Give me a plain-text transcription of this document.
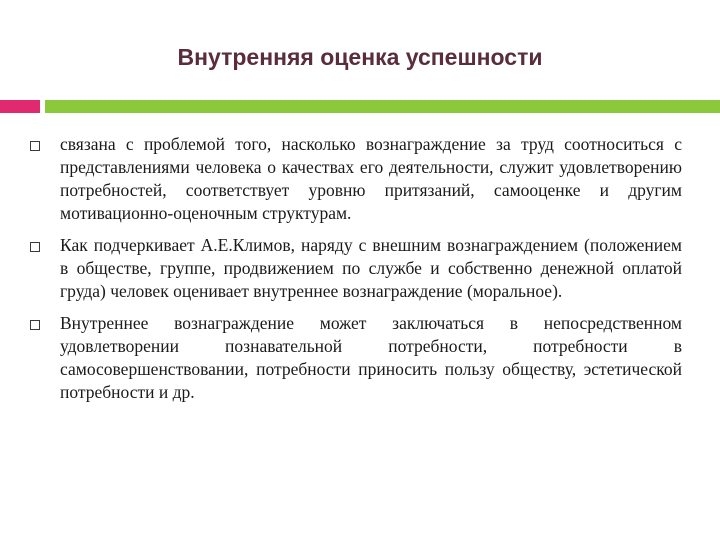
Внутренняя оценка успешности
связана с проблемой того, насколько вознаграждение за труд соотноситься с представлениями человека о качествах его деятельности, служит удовлетворению потребностей, соответствует уровню притязаний, самооценке и другим мотивационно-оценочным структурам.
Как подчеркивает А.Е.Климов, наряду с внешним вознаграждением (положением в обществе, группе, продвижением по службе и собственно денежной оплатой груда) человек оценивает внутреннее вознаграждение (моральное).
Внутреннее вознаграждение может заключаться в непосредственном удовлетворении познавательной потребности, потребности в самосовершенствовании, потребности приносить пользу обществу, эстетической потребности и др.
